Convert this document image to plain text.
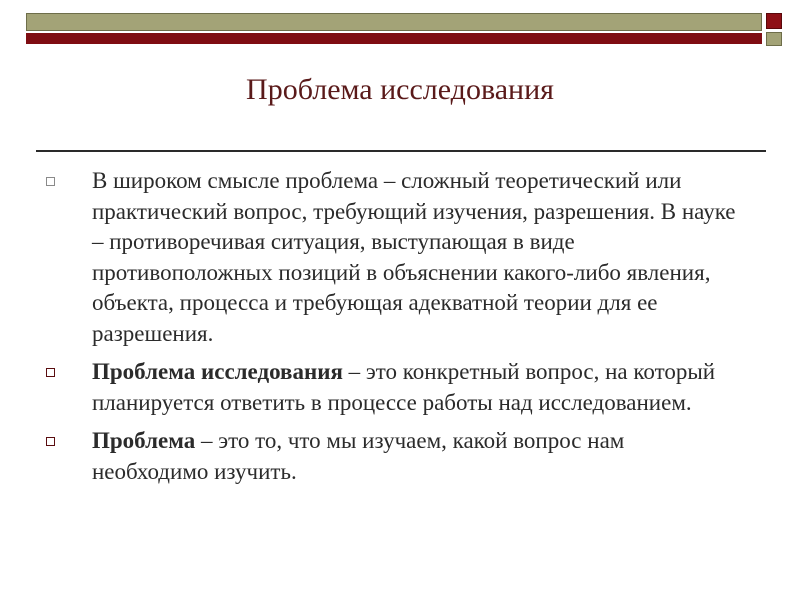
Проблема исследования
В широком смысле проблема – сложный теоретический или практический вопрос, требующий изучения, разрешения. В науке – противоречивая ситуация, выступающая в виде противоположных позиций в объяснении какого-либо явления, объекта, процесса и требующая адекватной теории для ее разрешения.
Проблема исследования – это конкретный вопрос, на который планируется ответить в процессе работы над исследованием.
Проблема – это то, что мы изучаем, какой вопрос нам необходимо изучить.
